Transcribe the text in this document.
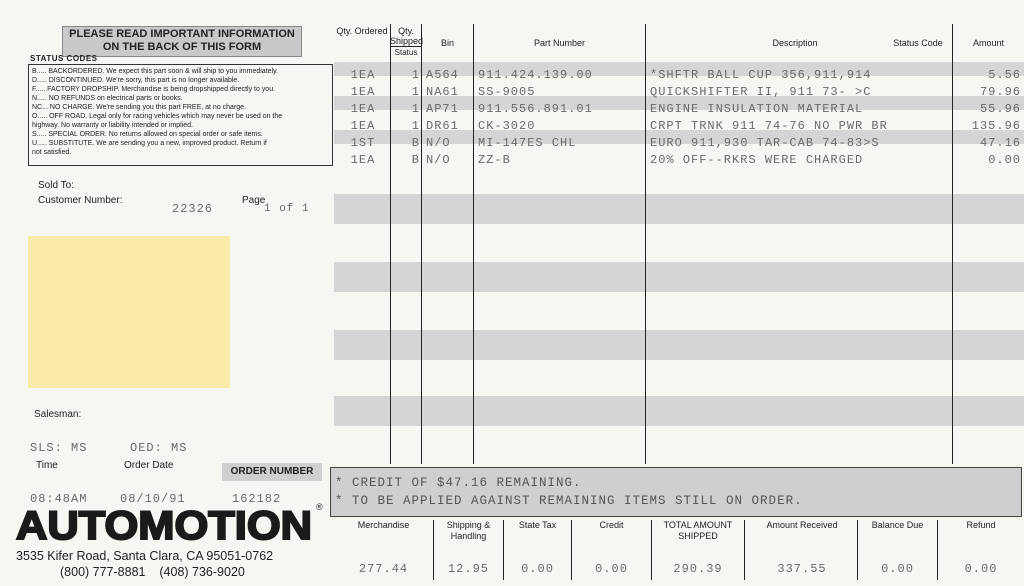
PLEASE READ IMPORTANT INFORMATION
ON THE BACK OF THIS FORM
STATUS CODES
B..... BACKORDERED. We expect this part soon & will ship to you immediately.
D..... DISCONTINUED. We're sorry, this part is no longer available.
F..... FACTORY DROPSHIP. Merchandise is being dropshipped directly to you.
N..... NO REFUNDS on electrical parts or books.
NC... NO CHARGE. We're sending you this part FREE, at no charge.
O..... OFF ROAD. Legal only for racing vehicles which may never be used on the
highway. No warranty or liability intended or implied.
S..... SPECIAL ORDER. No returns allowed on special order or safe items.
U..... SUBSTITUTE. We are sending you a new, improved product. Return if
not satisfied.
Sold To:
Customer Number:
22326
Page
1 of 1
Salesman:
SLS: MS	OED: MS
Time	Order Date
ORDER NUMBER
08:48AM	08/10/91	162182
Qty. Ordered	Qty. Shipped
Status
Bin	Part Number	Description	Status Code	Amount
1EA	1 A564	911.424.139.00	*SHFTR BALL CUP 356,911,914	5.56
1EA	1 NA61	SS-9005	QUICKSHIFTER II, 911 73- >C	79.96
1EA	1 AP71	911.556.891.01	ENGINE INSULATION MATERIAL	55.96
1EA	1 DR61	CK-3020	CRPT TRNK 911 74-76 NO PWR BR	135.96
1ST	B N/O	MI-147ES CHL	EURO 911,930 TAR-CAB 74-83>S	47.16
1EA	B N/O	ZZ-B	20% OFF--RKRS WERE CHARGED	0.00
* CREDIT OF $47.16 REMAINING.
* TO BE APPLIED AGAINST REMAINING ITEMS STILL ON ORDER.
Merchandise	Shipping & Handling
State Tax	Credit	TOTAL AMOUNT SHIPPED
Amount Received	Balance Due	Refund
277.44	12.95	0.00	0.00	290.39	337.55	0.00	0.00
AUTOMOTION ®
3535 Kifer Road, Santa Clara, CA 95051-0762
(800) 777-8881    (408) 736-9020
